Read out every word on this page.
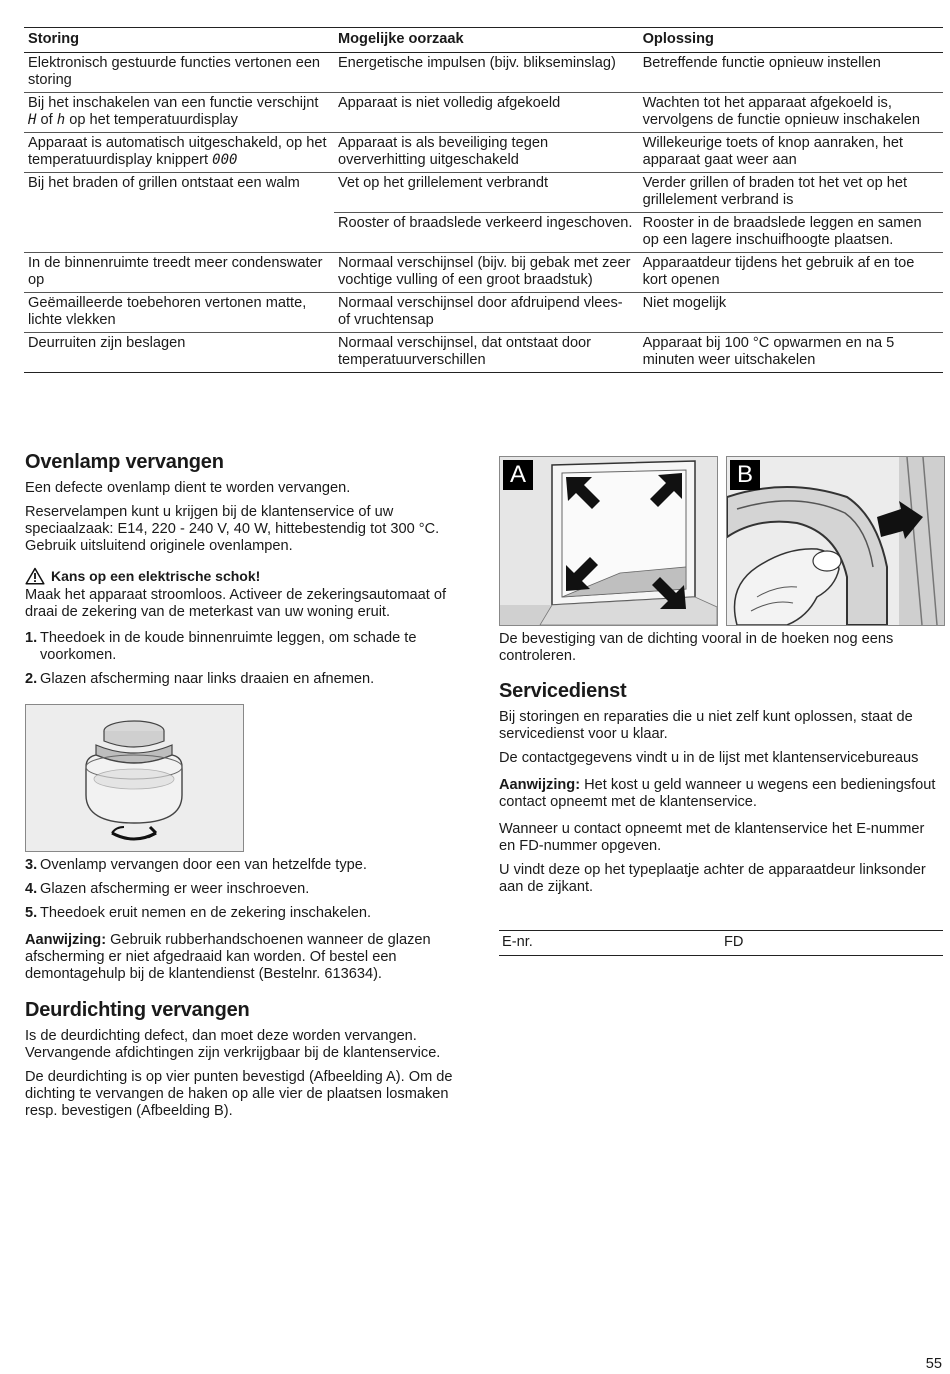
Storing	Mogelijke oorzaak	Oplossing
Elektronisch gestuurde functies vertonen een storing	Energetische impulsen (bijv. blikseminslag)	Betreffende functie opnieuw instellen
Bij het inschakelen van een functie verschijnt H of h op het temperatuurdisplay	Apparaat is niet volledig afgekoeld	Wachten tot het apparaat afgekoeld is, vervolgens de functie opnieuw inschakelen
Apparaat is automatisch uitgeschakeld, op het temperatuurdisplay knippert 000	Apparaat is als beveiliging tegen oververhitting uitgeschakeld	Willekeurige toets of knop aanraken, het apparaat gaat weer aan
Bij het braden of grillen ontstaat een walm	Vet op het grillelement verbrandt	Verder grillen of braden tot het vet op het grillelement verbrand is
	Rooster of braadslede verkeerd ingeschoven.	Rooster in de braadslede leggen en samen op een lagere inschuifhoogte plaatsen.
In de binnenruimte treedt meer condenswater op	Normaal verschijnsel (bijv. bij gebak met zeer vochtige vulling of een groot braadstuk)	Apparaatdeur tijdens het gebruik af en toe kort openen
Geëmailleerde toebehoren vertonen matte, lichte vlekken	Normaal verschijnsel door afdruipend vlees- of vruchtensap	Niet mogelijk
Deurruiten zijn beslagen	Normaal verschijnsel, dat ontstaat door temperatuurverschillen	Apparaat bij 100 °C opwarmen en na 5 minuten weer uitschakelen
Ovenlamp vervangen

Een defecte ovenlamp dient te worden vervangen.

Reservelampen kunt u krijgen bij de klantenservice of uw speciaalzaak: E14, 220 - 240 V, 40 W, hittebestendig tot 300 °C. Gebruik uitsluitend originele ovenlampen.

Kans op een elektrische schok!

Maak het apparaat stroomloos. Activeer de zekeringsautomaat of draai de zekering van de meterkast van uw woning eruit.

1. Theedoek in de koude binnenruimte leggen, om schade te voorkomen.
2. Glazen afscherming naar links draaien en afnemen.
3. Ovenlamp vervangen door een van hetzelfde type.
4. Glazen afscherming er weer inschroeven.
5. Theedoek eruit nemen en de zekering inschakelen.

Aanwijzing: Gebruik rubberhandschoenen wanneer de glazen afscherming er niet afgedraaid kan worden. Of bestel een demontagehulp bij de klantendienst (Bestelnr. 613634).

Deurdichting vervangen

Is de deurdichting defect, dan moet deze worden vervangen. Vervangende afdichtingen zijn verkrijgbaar bij de klantenservice.

De deurdichting is op vier punten bevestigd (Afbeelding A). Om de dichting te vervangen de haken op alle vier de plaatsen losmaken resp. bevestigen (Afbeelding B).

A	B

De bevestiging van de dichting vooral in de hoeken nog eens controleren.

Servicedienst

Bij storingen en reparaties die u niet zelf kunt oplossen, staat de servicedienst voor u klaar.

De contactgegevens vindt u in de lijst met klantenservicebureaus

Aanwijzing: Het kost u geld wanneer u wegens een bedieningsfout contact opneemt met de klantenservice.

Wanneer u contact opneemt met de klantenservice het E-nummer en FD-nummer opgeven.

U vindt deze op het typeplaatje achter de apparaatdeur linksonder aan de zijkant.

E-nr.	FD
55
